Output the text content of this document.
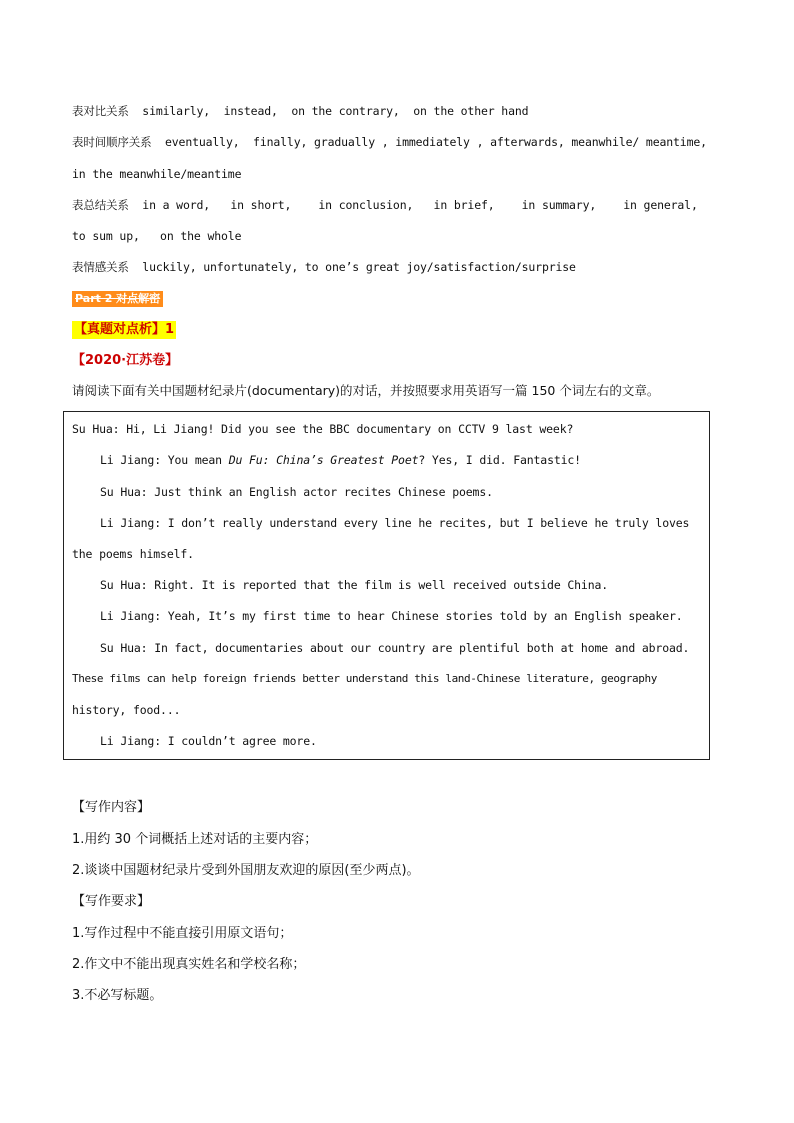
表对比关系  similarly,  instead,  on the contrary,  on the other hand
表时间顺序关系  eventually,  finally, gradually , immediately , afterwards, meanwhile/ meantime,
in the meanwhile/meantime
表总结关系  in a word,   in short,    in conclusion,   in brief,    in summary,    in general,
to sum up,   on the whole
表情感关系  luckily, unfortunately, to one’s great joy/satisfaction/surprise
Part 2 对点解密
【真题对点析】1
【2020·江苏卷】
请阅读下面有关中国题材纪录片(documentary)的对话，并按照要求用英语写一篇 150 个词左右的文章。
Su Hua: Hi, Li Jiang! Did you see the BBC documentary on CCTV 9 last week?
Li Jiang: You mean Du Fu: China’s Greatest Poet? Yes, I did. Fantastic!
Su Hua: Just think an English actor recites Chinese poems.
Li Jiang: I don’t really understand every line he recites, but I believe he truly loves
the poems himself.
Su Hua: Right. It is reported that the film is well received outside China.
Li Jiang: Yeah, It’s my first time to hear Chinese stories told by an English speaker.
Su Hua: In fact, documentaries about our country are plentiful both at home and abroad.
These films can help foreign friends better understand this land-Chinese literature, geography
history, food...
Li Jiang: I couldn’t agree more.
【写作内容】
1.用约 30 个词概括上述对话的主要内容；
2.谈谈中国题材纪录片受到外国朋友欢迎的原因(至少两点)。
【写作要求】
1.写作过程中不能直接引用原文语句；
2.作文中不能出现真实姓名和学校名称；
3.不必写标题。
